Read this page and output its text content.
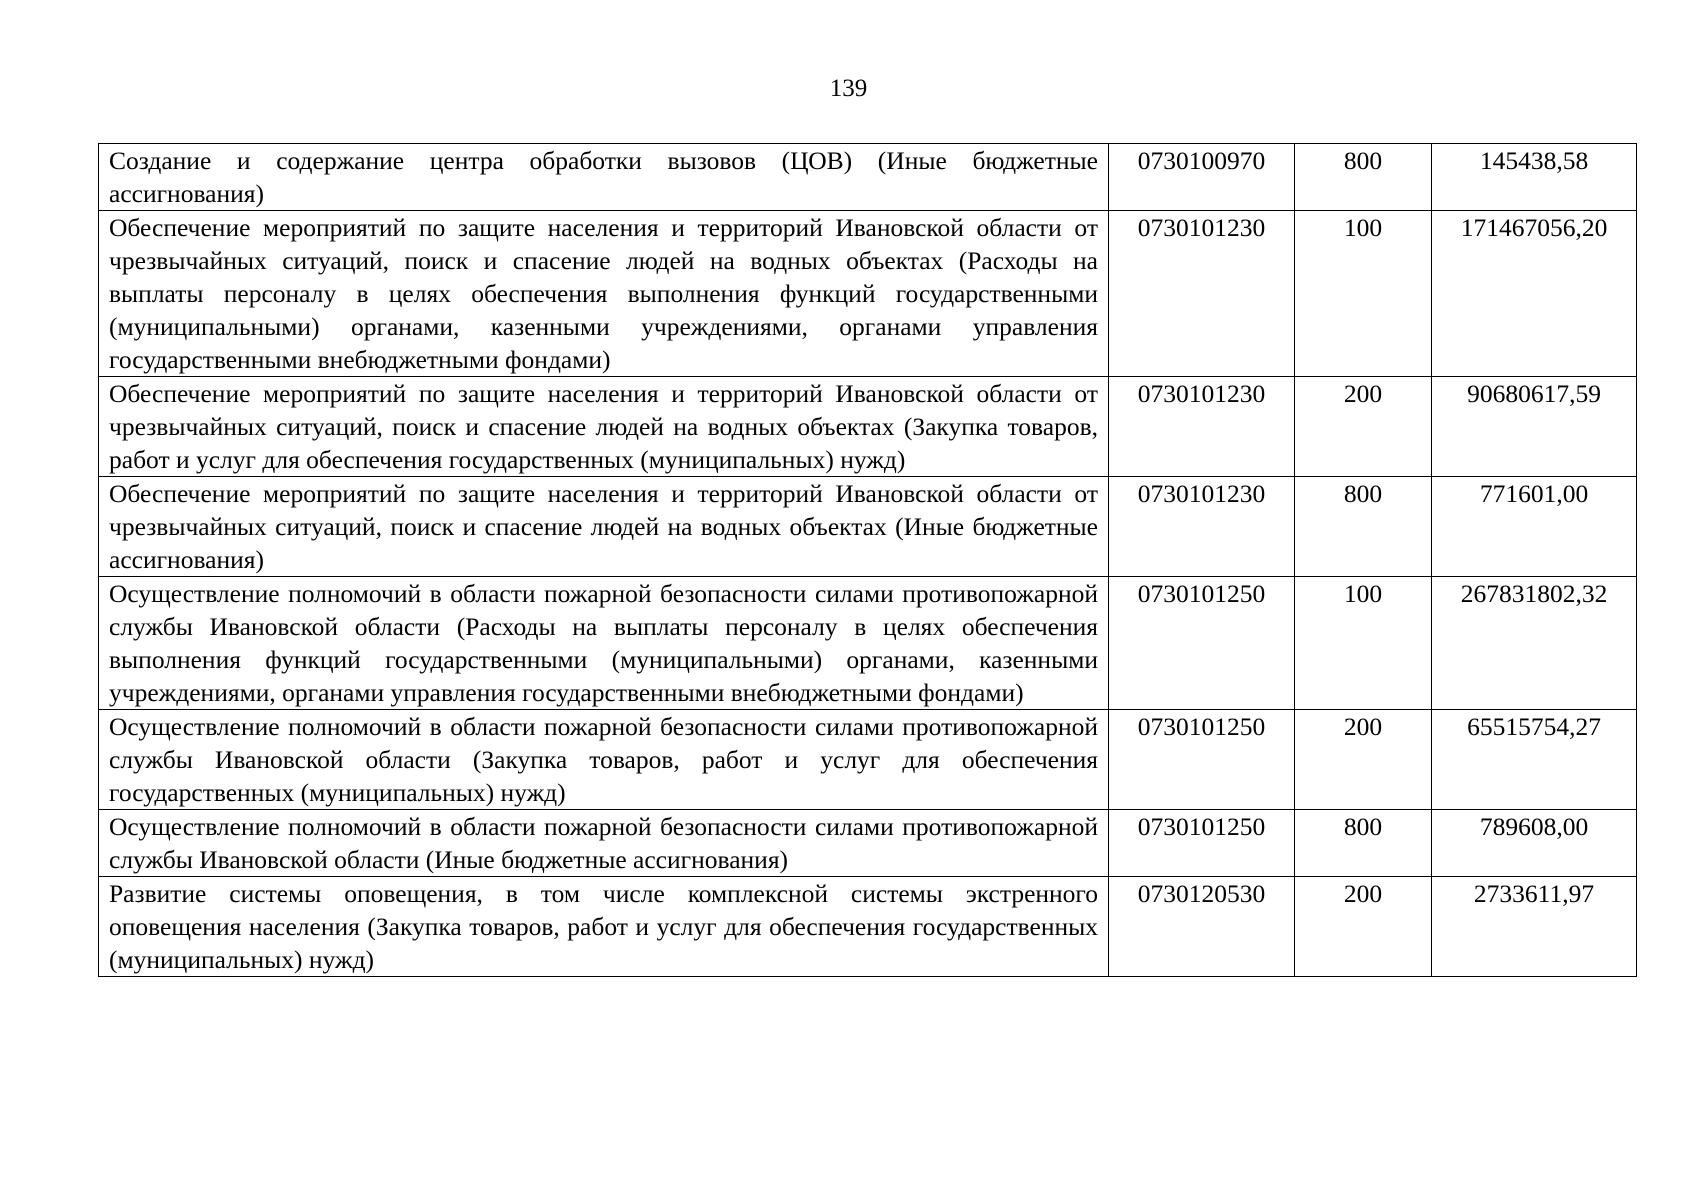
139
Создание и содержание центра обработки вызовов (ЦОВ) (Иные бюджетные ассигнования)	0730100970	800	145438,58
Обеспечение мероприятий по защите населения и территорий Ивановской области от чрезвычайных ситуаций, поиск и спасение людей на водных объектах (Расходы на выплаты персоналу в целях обеспечения выполнения функций государственными (муниципальными) органами, казенными учреждениями, органами управления государственными внебюджетными фондами)	0730101230	100	171467056,20
Обеспечение мероприятий по защите населения и территорий Ивановской области от чрезвычайных ситуаций, поиск и спасение людей на водных объектах (Закупка товаров, работ и услуг для обеспечения государственных (муниципальных) нужд)	0730101230	200	90680617,59
Обеспечение мероприятий по защите населения и территорий Ивановской области от чрезвычайных ситуаций, поиск и спасение людей на водных объектах (Иные бюджетные ассигнования)	0730101230	800	771601,00
Осуществление полномочий в области пожарной безопасности силами противопожарной службы Ивановской области (Расходы на выплаты персоналу в целях обеспечения выполнения функций государственными (муниципальными) органами, казенными учреждениями, органами управления государственными внебюджетными фондами)	0730101250	100	267831802,32
Осуществление полномочий в области пожарной безопасности силами противопожарной службы Ивановской области (Закупка товаров, работ и услуг для обеспечения государственных (муниципальных) нужд)	0730101250	200	65515754,27
Осуществление полномочий в области пожарной безопасности силами противопожарной службы Ивановской области (Иные бюджетные ассигнования)	0730101250	800	789608,00
Развитие системы оповещения, в том числе комплексной системы экстренного оповещения населения (Закупка товаров, работ и услуг для обеспечения государственных (муниципальных) нужд)	0730120530	200	2733611,97
